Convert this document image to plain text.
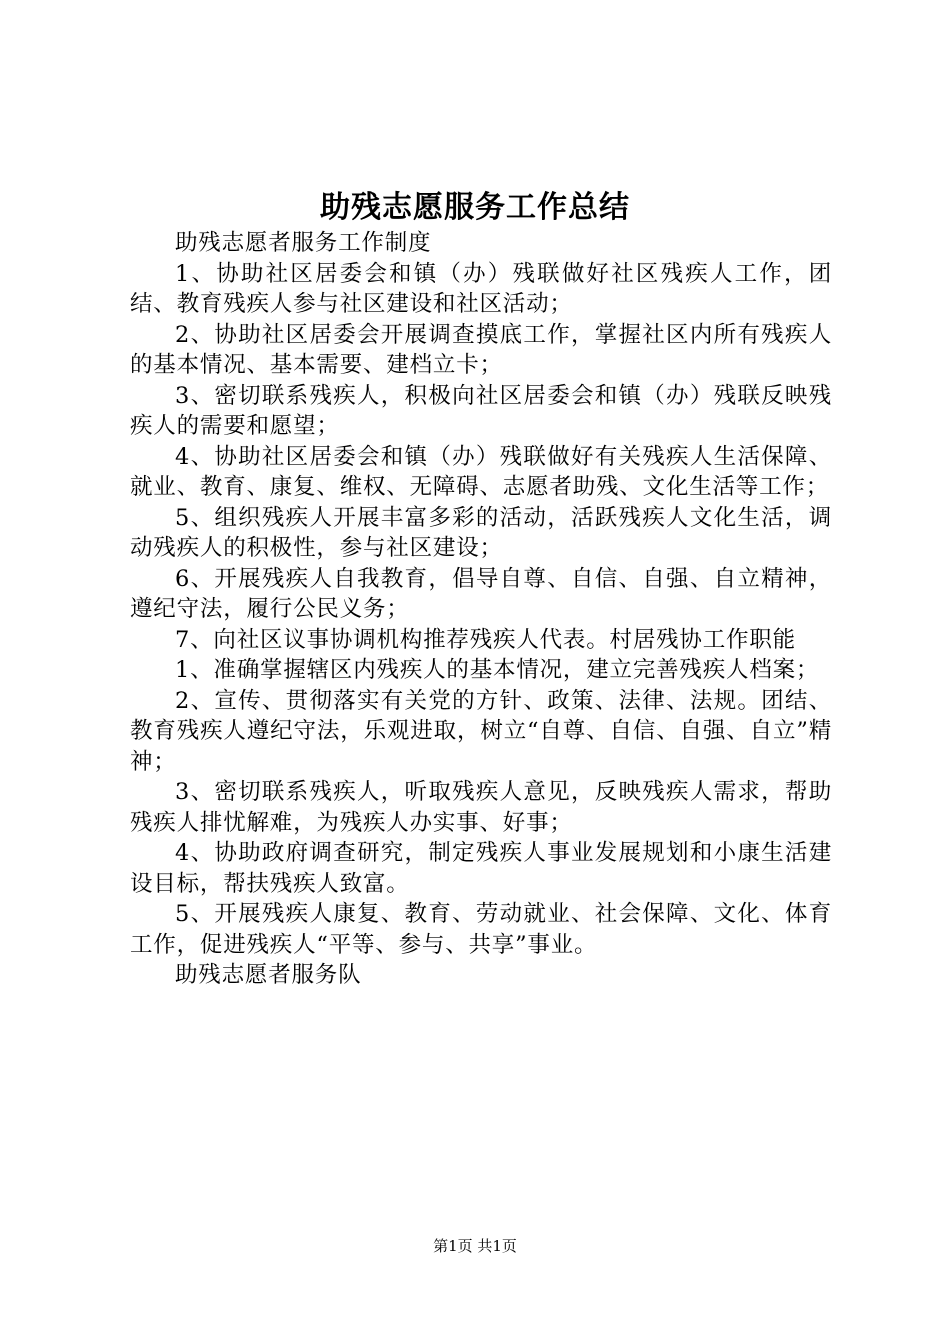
助残志愿服务工作总结

助残志愿者服务工作制度

1、协助社区居委会和镇（办）残联做好社区残疾人工作，团结、教育残疾人参与社区建设和社区活动；

2、协助社区居委会开展调查摸底工作，掌握社区内所有残疾人的基本情况、基本需要、建档立卡；

3、密切联系残疾人，积极向社区居委会和镇（办）残联反映残疾人的需要和愿望；

4、协助社区居委会和镇（办）残联做好有关残疾人生活保障、就业、教育、康复、维权、无障碍、志愿者助残、文化生活等工作；

5、组织残疾人开展丰富多彩的活动，活跃残疾人文化生活，调动残疾人的积极性，参与社区建设；

6、开展残疾人自我教育，倡导自尊、自信、自强、自立精神，遵纪守法，履行公民义务；

7、向社区议事协调机构推荐残疾人代表。村居残协工作职能

1、准确掌握辖区内残疾人的基本情况，建立完善残疾人档案；

2、宣传、贯彻落实有关党的方针、政策、法律、法规。团结、教育残疾人遵纪守法，乐观进取，树立“自尊、自信、自强、自立”精神；

3、密切联系残疾人，听取残疾人意见，反映残疾人需求，帮助残疾人排忧解难，为残疾人办实事、好事；

4、协助政府调查研究，制定残疾人事业发展规划和小康生活建设目标，帮扶残疾人致富。

5、开展残疾人康复、教育、劳动就业、社会保障、文化、体育工作，促进残疾人“平等、参与、共享”事业。

助残志愿者服务队

第1页 共1页
